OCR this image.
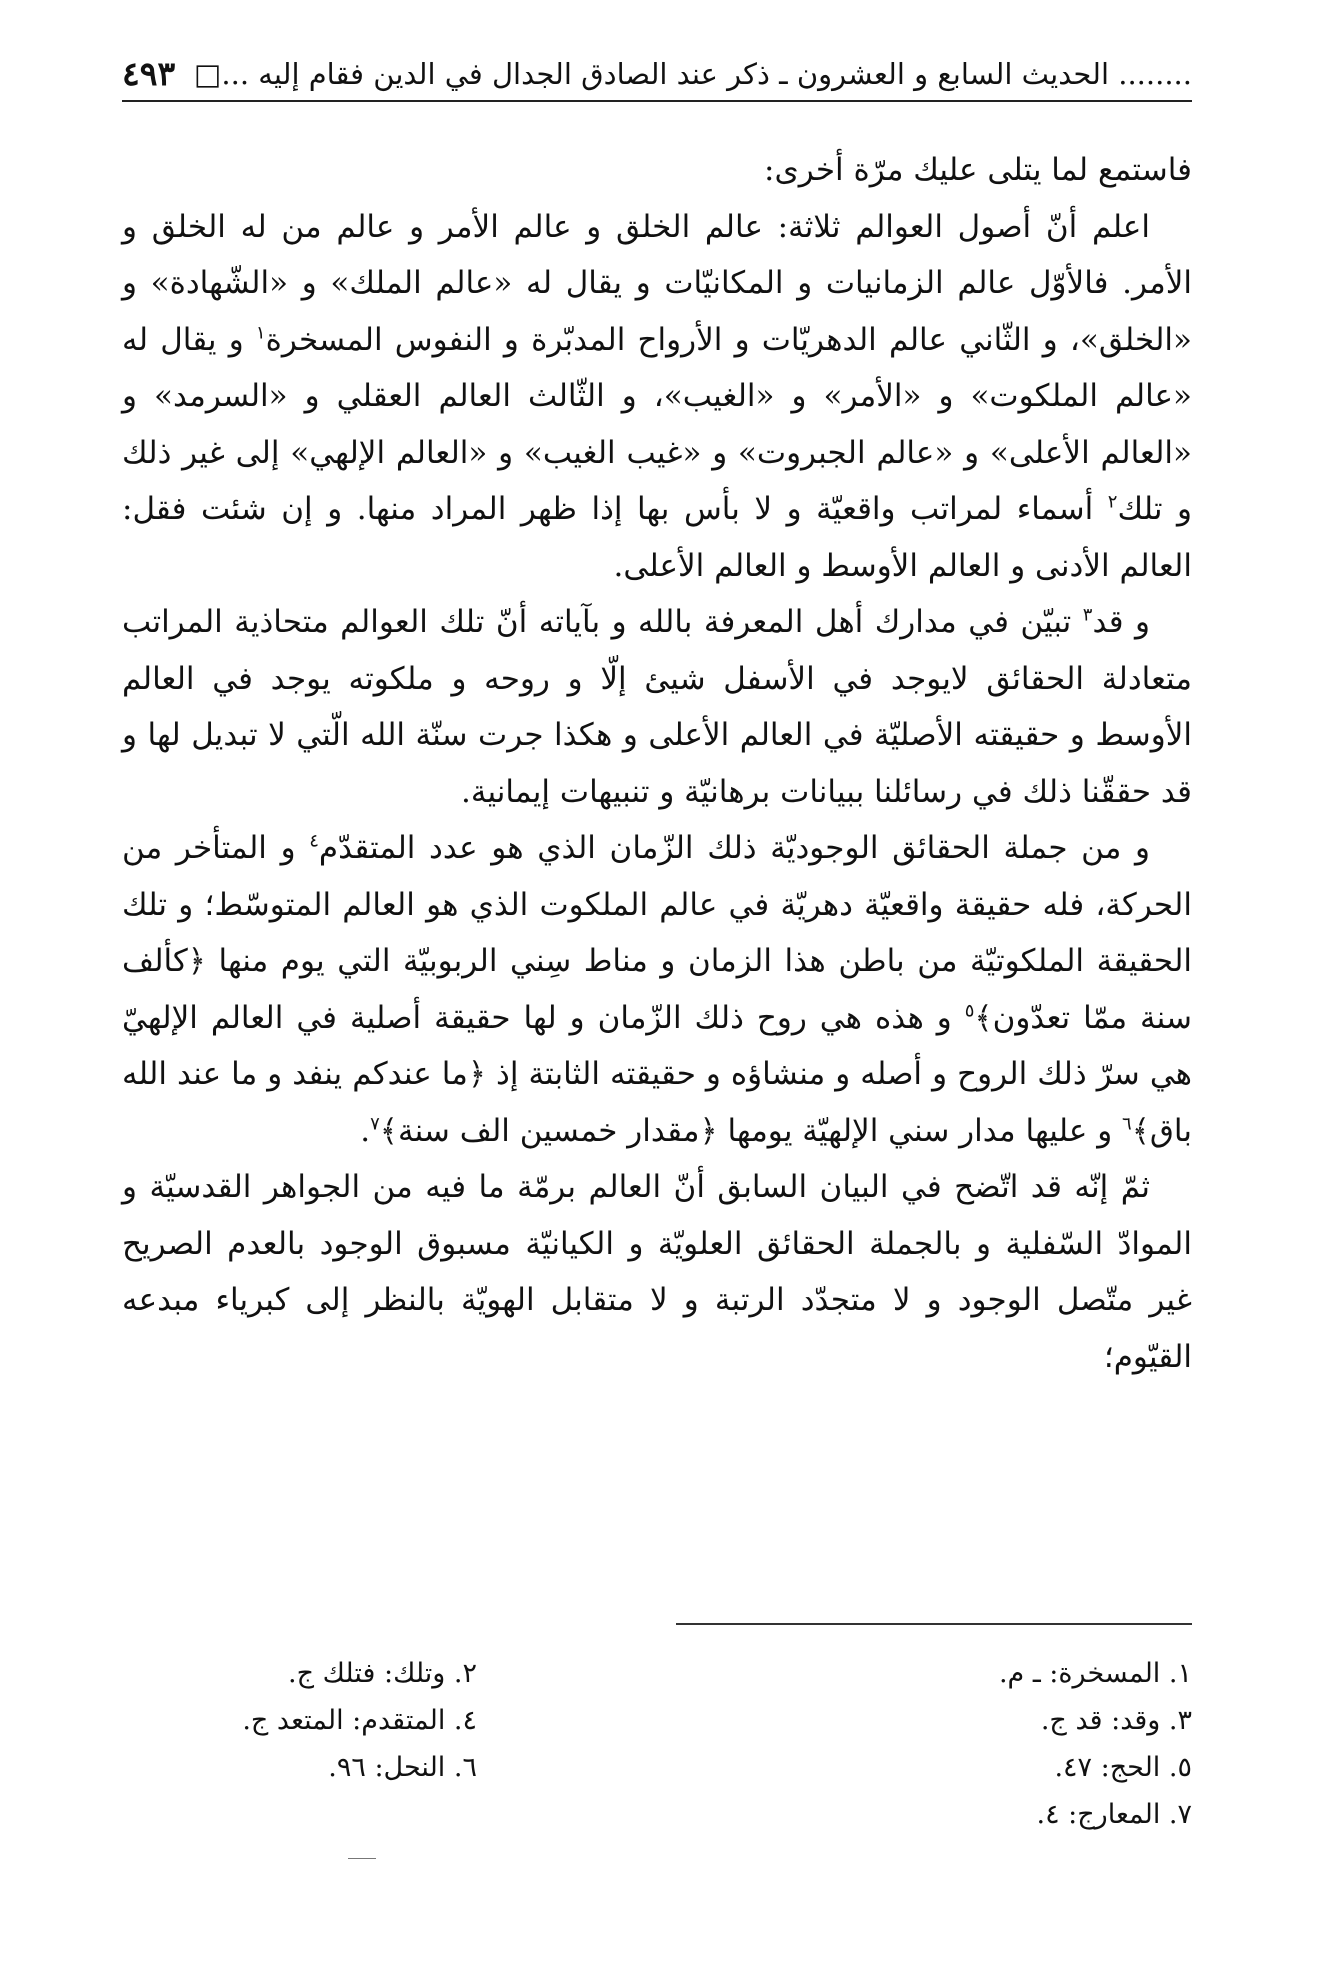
........ الحديث السابع و العشرون ـ ذكر عند الصادق الجدال في الدين فقام إليه ...□
٤٩٣

فاستمع لما يتلى عليك مرّة أخرى:

اعلم أنّ أصول العوالم ثلاثة: عالم الخلق و عالم الأمر و عالم من له الخلق و الأمر. فالأوّل عالم الزمانيات و المكانيّات و يقال له «عالم الملك» و «الشّهادة» و «الخلق»، و الثّاني عالم الدهريّات و الأرواح المدبّرة و النفوس المسخرة$^١$ و يقال له «عالم الملكوت» و «الأمر» و «الغيب»، و الثّالث العالم العقلي و «السرمد» و «العالم الأعلى» و «عالم الجبروت» و «غيب الغيب» و «العالم الإلهي» إلى غير ذلك و تلك$^٢$ أسماء لمراتب واقعيّة و لا بأس بها إذا ظهر المراد منها. و إن شئت فقل: العالم الأدنى و العالم الأوسط و العالم الأعلى.

و قد$^٣$ تبيّن في مدارك أهل المعرفة بالله و بآياته أنّ تلك العوالم متحاذية المراتب متعادلة الحقائق لايوجد في الأسفل شيئ إلّا و روحه و ملكوته يوجد في العالم الأوسط و حقيقته الأصليّة في العالم الأعلى و هكذا جرت سنّة الله الّتي لا تبديل لها و قد حققّنا ذلك في رسائلنا ببيانات برهانيّة و تنبيهات إيمانية.

و من جملة الحقائق الوجوديّة ذلك الزّمان الذي هو عدد المتقدّم$^٤$ و المتأخر من الحركة، فله حقيقة واقعيّة دهريّة في عالم الملكوت الذي هو العالم المتوسّط؛ و تلك الحقيقة الملكوتيّة من باطن هذا الزمان و مناط سِني الربوبيّة التي يوم منها ﴿كألف سنة ممّا تعدّون﴾$^٥$ و هذه هي روح ذلك الزّمان و لها حقيقة أصلية في العالم الإلهيّ هي سرّ ذلك الروح و أصله و منشاؤه و حقيقته الثابتة إذ ﴿ما عندكم ينفد و ما عند الله باق﴾$^٦$ و عليها مدار سني الإلهيّة يومها ﴿مقدار خمسين الف سنة﴾$^٧$.

ثمّ إنّه قد اتّضح في البيان السابق أنّ العالم برمّة ما فيه من الجواهر القدسيّة و الموادّ السّفلية و بالجملة الحقائق العلويّة و الكيانيّة مسبوق الوجود بالعدم الصريح غير متّصل الوجود و لا متجدّد الرتبة و لا متقابل الهويّة بالنظر إلى كبرياء مبدعه القيّوم؛

١. المسخرة: ـ م.
٢. وتلك: فتلك ج.
٣. وقد: قد ج.
٤. المتقدم: المتعد ج.
٥. الحج: ٤٧.
٦. النحل: ٩٦.
٧. المعارج: ٤.
